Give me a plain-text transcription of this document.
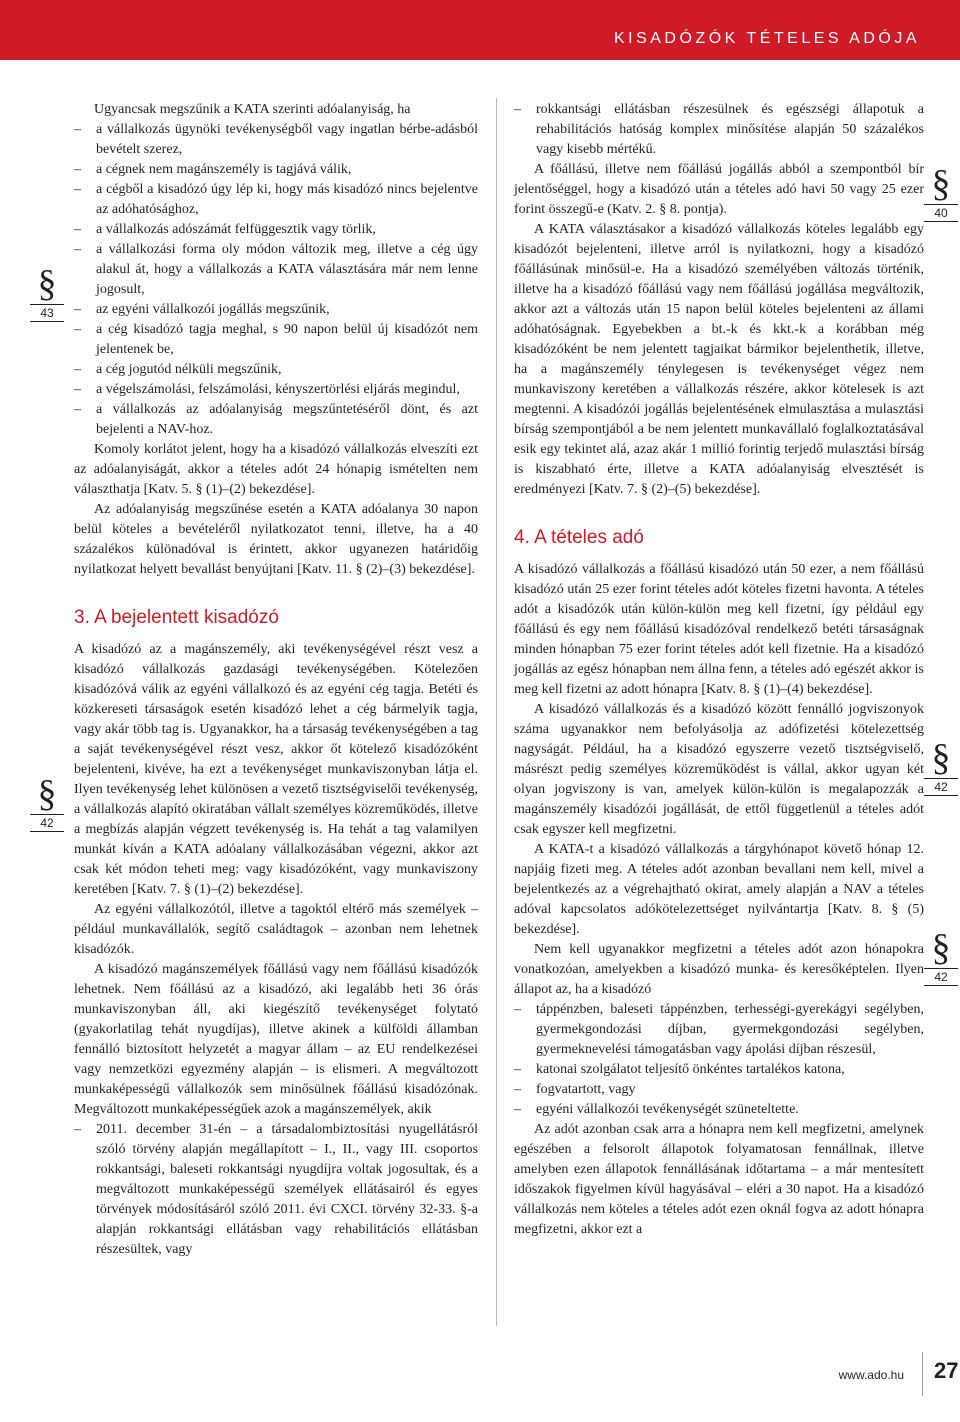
KISADÓZÓK TÉTELES ADÓJA
§
43
§
42
§
40
§
42
§
42

Ugyancsak megszűnik a KATA szerinti adóalanyiság, ha

– a vállalkozás ügynöki tevékenységből vagy ingatlan bérbe-adásból bevételt szerez,
– a cégnek nem magánszemély is tagjává válik,
– a cégből a kisadózó úgy lép ki, hogy más kisadózó nincs bejelentve az adóhatósághoz,
– a vállalkozás adószámát felfüggesztik vagy törlik,
– a vállalkozási forma oly módon változik meg, illetve a cég úgy alakul át, hogy a vállalkozás a KATA választására már nem lenne jogosult,
– az egyéni vállalkozói jogállás megszűnik,
– a cég kisadózó tagja meghal, s 90 napon belül új kisadózót nem jelentenek be,
– a cég jogutód nélküli megszűnik,
– a végelszámolási, felszámolási, kényszertörlési eljárás megindul,
– a vállalkozás az adóalanyiság megszűntetéséről dönt, és azt bejelenti a NAV-hoz.

Komoly korlátot jelent, hogy ha a kisadózó vállalkozás elveszíti ezt az adóalanyiságát, akkor a tételes adót 24 hónapig ismételten nem választhatja [Katv. 5. § (1)–(2) bekezdése].

Az adóalanyiság megszűnése esetén a KATA adóalanya 30 napon belül köteles a bevételéről nyilatkozatot tenni, illetve, ha a 40 százalékos különadóval is érintett, akkor ugyanezen határidőig nyilatkozat helyett bevallást benyújtani [Katv. 11. § (2)–(3) bekezdése].

3. A bejelentett kisadózó

A kisadózó az a magánszemély, aki tevékenységével részt vesz a kisadózó vállalkozás gazdasági tevékenységében. Kötelezően kisadózóvá válik az egyéni vállalkozó és az egyéni cég tagja. Betéti és közkereseti társaságok esetén kisadózó lehet a cég bármelyik tagja, vagy akár több tag is. Ugyanakkor, ha a társaság tevékenységében a tag a saját tevékenységével részt vesz, akkor őt kötelező kisadózóként bejelenteni, kivéve, ha ezt a tevékenységet munkaviszonyban látja el. Ilyen tevékenység lehet különösen a vezető tisztségviselői tevékenység, a vállalkozás alapító okiratában vállalt személyes közreműködés, illetve a megbízás alapján végzett tevékenység is. Ha tehát a tag valamilyen munkát kíván a KATA adóalany vállalkozásában végezni, akkor azt csak két módon teheti meg: vagy kisadózóként, vagy munkaviszony keretében [Katv. 7. § (1)–(2) bekezdése].

Az egyéni vállalkozótól, illetve a tagoktól eltérő más személyek – például munkavállalók, segítő családtagok – azonban nem lehetnek kisadózók.

A kisadózó magánszemélyek főállású vagy nem főállású kisadózók lehetnek. Nem főállású az a kisadózó, aki legalább heti 36 órás munkaviszonyban áll, aki kiegészítő tevékenységet folytató (gyakorlatilag tehát nyugdíjas), illetve akinek a külföldi államban fennálló biztosított helyzetét a magyar állam – az EU rendelkezései vagy nemzetközi egyezmény alapján – is elismeri. A megváltozott munkaképességű vállalkozók sem minősülnek főállású kisadózónak. Megváltozott munkaképességűek azok a magánszemélyek, akik

– 2011. december 31-én – a társadalombiztosítási nyugellátásról szóló törvény alapján megállapított – I., II., vagy III. csoportos rokkantsági, baleseti rokkantsági nyugdíjra voltak jogosultak, és a megváltozott munkaképességű személyek ellátásairól és egyes törvények módosításáról szóló 2011. évi CXCI. törvény 32-33. §-a alapján rokkantsági ellátásban vagy rehabilitációs ellátásban részesültek, vagy
– rokkantsági ellátásban részesülnek és egészségi állapotuk a rehabilitációs hatóság komplex minősítése alapján 50 százalékos vagy kisebb mértékű.

A főállású, illetve nem főállású jogállás abból a szempontból bír jelentőséggel, hogy a kisadózó után a tételes adó havi 50 vagy 25 ezer forint összegű-e (Katv. 2. § 8. pontja).

A KATA választásakor a kisadózó vállalkozás köteles legalább egy kisadózót bejelenteni, illetve arról is nyilatkozni, hogy a kisadózó főállásúnak minősül-e. Ha a kisadózó személyében változás történik, illetve ha a kisadózó főállású vagy nem főállású jogállása megváltozik, akkor azt a változás után 15 napon belül köteles bejelenteni az állami adóhatóságnak. Egyebekben a bt.-k és kkt.-k a korábban még kisadózóként be nem jelentett tagjaikat bármikor bejelenthetik, illetve, ha a magánszemély ténylegesen is tevékenységet végez nem munkaviszony keretében a vállalkozás részére, akkor kötelesek is azt megtenni. A kisadózói jogállás bejelentésének elmulasztása a mulasztási bírság szempontjából a be nem jelentett munkavállaló foglalkoztatásával esik egy tekintet alá, azaz akár 1 millió forintig terjedő mulasztási bírság is kiszabható érte, illetve a KATA adóalanyiság elvesztését is eredményezi [Katv. 7. § (2)–(5) bekezdése].

4. A tételes adó

A kisadózó vállalkozás a főállású kisadózó után 50 ezer, a nem főállású kisadózó után 25 ezer forint tételes adót köteles fizetni havonta. A tételes adót a kisadózók után külön-külön meg kell fizetni, így például egy főállású és egy nem főállású kisadózóval rendelkező betéti társaságnak minden hónapban 75 ezer forint tételes adót kell fizetnie. Ha a kisadózó jogállás az egész hónapban nem állna fenn, a tételes adó egészét akkor is meg kell fizetni az adott hónapra [Katv. 8. § (1)–(4) bekezdése].

A kisadózó vállalkozás és a kisadózó között fennálló jogviszonyok száma ugyanakkor nem befolyásolja az adófizetési kötelezettség nagyságát. Például, ha a kisadózó egyszerre vezető tisztségviselő, másrészt pedig személyes közreműködést is vállal, akkor ugyan két olyan jogviszony is van, amelyek külön-külön is megalapozzák a magánszemély kisadózói jogállását, de ettől függetlenül a tételes adót csak egyszer kell megfizetni.

A KATA-t a kisadózó vállalkozás a tárgyhónapot követő hónap 12. napjáig fizeti meg. A tételes adót azonban bevallani nem kell, mivel a bejelentkezés az a végrehajtható okirat, amely alapján a NAV a tételes adóval kapcsolatos adókötelezettséget nyilvántartja [Katv. 8. § (5) bekezdése].

Nem kell ugyanakkor megfizetni a tételes adót azon hónapokra vonatkozóan, amelyekben a kisadózó munka- és keresőképtelen. Ilyen állapot az, ha a kisadózó

– táppénzben, baleseti táppénzben, terhességi-gyerekágyi segélyben, gyermekgondozási díjban, gyermekgondozási segélyben, gyermeknevelési támogatásban vagy ápolási díjban részesül,
– katonai szolgálatot teljesítő önkéntes tartalékos katona,
– fogvatartott, vagy
– egyéni vállalkozói tevékenységét szüneteltette.

Az adót azonban csak arra a hónapra nem kell megfizetni, amelynek egészében a felsorolt állapotok folyamatosan fennállnak, illetve amelyben ezen állapotok fennállásának időtartama – a már mentesített időszakok figyelmen kívül hagyásával – eléri a 30 napot. Ha a kisadózó vállalkozás nem köteles a tételes adót ezen oknál fogva az adott hónapra megfizetni, akkor ezt a

www.ado.hu 27
